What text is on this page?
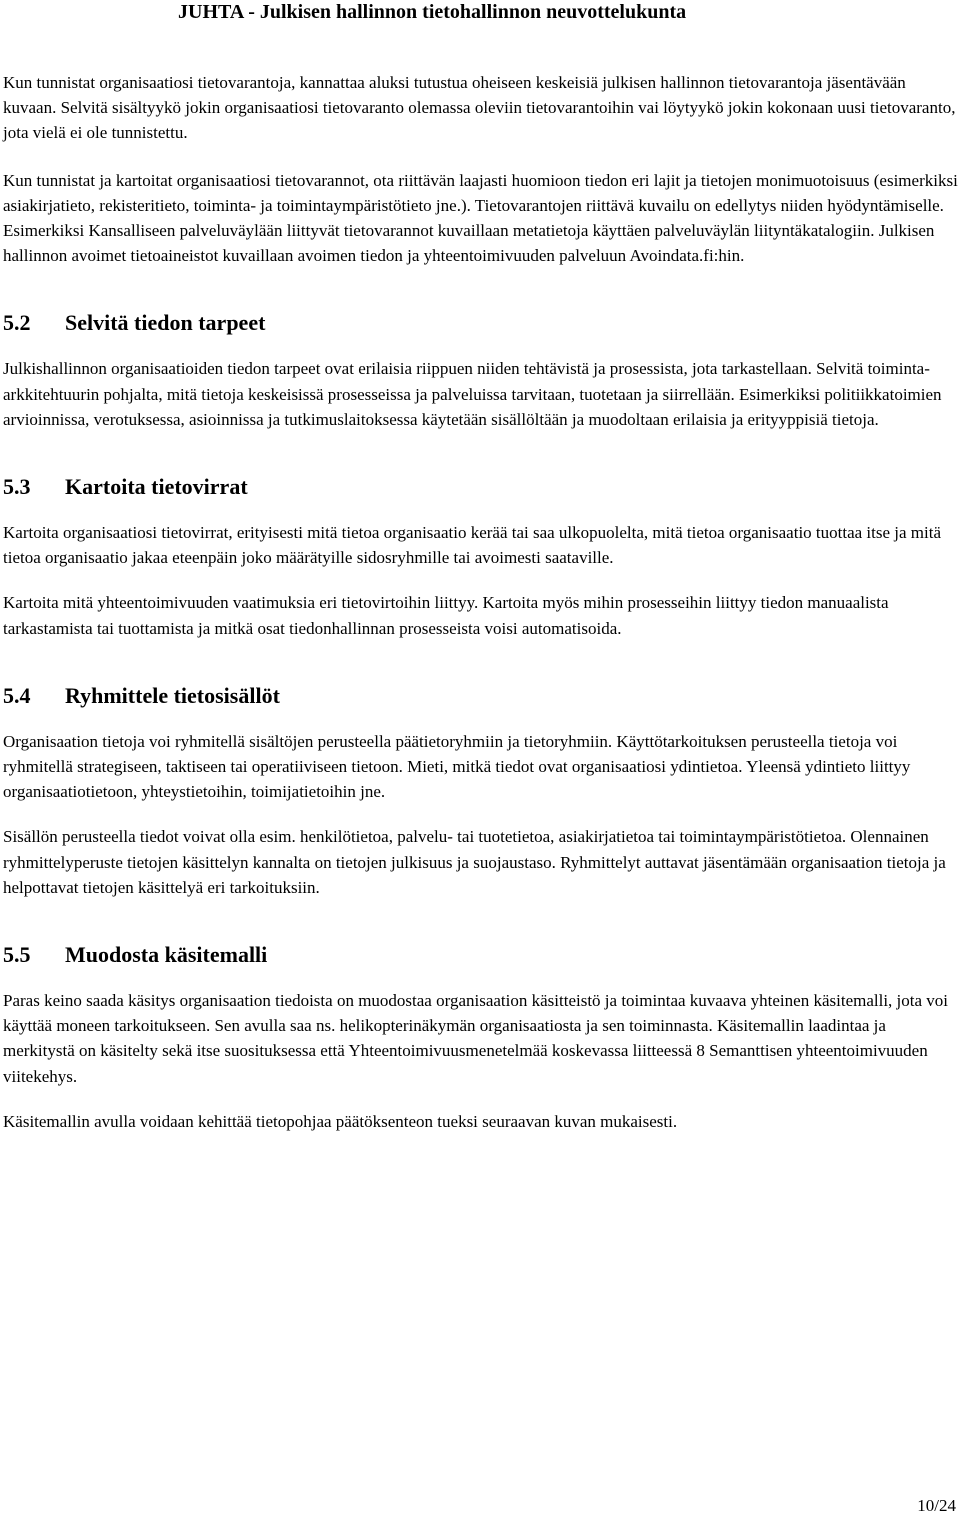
JUHTA - Julkisen hallinnon tietohallinnon neuvottelukunta

Kun tunnistat organisaatiosi tietovarantoja, kannattaa aluksi tutustua oheiseen keskeisiä julkisen hallinnon tietovarantoja jäsentävään kuvaan. Selvitä sisältyykö jokin organisaatiosi tietovaranto olemassa oleviin tietovarantoihin vai löytyykö jokin kokonaan uusi tietovaranto, jota vielä ei ole tunnistettu.

Kun tunnistat ja kartoitat organisaatiosi tietovarannot, ota riittävän laajasti huomioon tiedon eri lajit ja tietojen monimuotoisuus (esimerkiksi asiakirjatieto, rekisteritieto, toiminta- ja toimintaympäristötieto jne.). Tietovarantojen riittävä kuvailu on edellytys niiden hyödyntämiselle. Esimerkiksi Kansalliseen palveluväylään liittyvät tietovarannot kuvaillaan metatietoja käyttäen palveluväylän liityntäkatalogiin. Julkisen hallinnon avoimet tietoaineistot kuvaillaan avoimen tiedon ja yhteentoimivuuden palveluun Avoindata.fi:hin.

5.2 Selvitä tiedon tarpeet

Julkishallinnon organisaatioiden tiedon tarpeet ovat erilaisia riippuen niiden tehtävistä ja prosessista, jota tarkastellaan. Selvitä toiminta-arkkitehtuurin pohjalta, mitä tietoja keskeisissä prosesseissa ja palveluissa tarvitaan, tuotetaan ja siirrellään. Esimerkiksi politiikkatoimien arvioinnissa, verotuksessa, asioinnissa ja tutkimuslaitoksessa käytetään sisällöltään ja muodoltaan erilaisia ja erityyppisiä tietoja.

5.3 Kartoita tietovirrat

Kartoita organisaatiosi tietovirrat, erityisesti mitä tietoa organisaatio kerää tai saa ulkopuolelta, mitä tietoa organisaatio tuottaa itse ja mitä tietoa organisaatio jakaa eteenpäin joko määrätyille sidosryhmille tai avoimesti saataville.

Kartoita mitä yhteentoimivuuden vaatimuksia eri tietovirtoihin liittyy. Kartoita myös mihin prosesseihin liittyy tiedon manuaalista tarkastamista tai tuottamista ja mitkä osat tiedonhallinnan prosesseista voisi automatisoida.

5.4 Ryhmittele tietosisällöt

Organisaation tietoja voi ryhmitellä sisältöjen perusteella päätietoryhmiin ja tietoryhmiin. Käyttötarkoituksen perusteella tietoja voi ryhmitellä strategiseen, taktiseen tai operatiiviseen tietoon. Mieti, mitkä tiedot ovat organisaatiosi ydintietoa. Yleensä ydintieto liittyy organisaatiotietoon, yhteystietoihin, toimijatietoihin jne.

Sisällön perusteella tiedot voivat olla esim. henkilötietoa, palvelu- tai tuotetietoa, asiakirjatietoa tai toimintaympäristötietoa. Olennainen ryhmittelyperuste tietojen käsittelyn kannalta on tietojen julkisuus ja suojaustaso. Ryhmittelyt auttavat jäsentämään organisaation tietoja ja helpottavat tietojen käsittelyä eri tarkoituksiin.

5.5 Muodosta käsitemalli

Paras keino saada käsitys organisaation tiedoista on muodostaa organisaation käsitteistö ja toimintaa kuvaava yhteinen käsitemalli, jota voi käyttää moneen tarkoitukseen. Sen avulla saa ns. helikopterinäkymän organisaatiosta ja sen toiminnasta. Käsitemallin laadintaa ja merkitystä on käsitelty sekä itse suosituksessa että Yhteentoimivuusmenetelmää koskevassa liitteessä 8 Semanttisen yhteentoimivuuden viitekehys.

Käsitemallin avulla voidaan kehittää tietopohjaa päätöksenteon tueksi seuraavan kuvan mukaisesti.

10/24
